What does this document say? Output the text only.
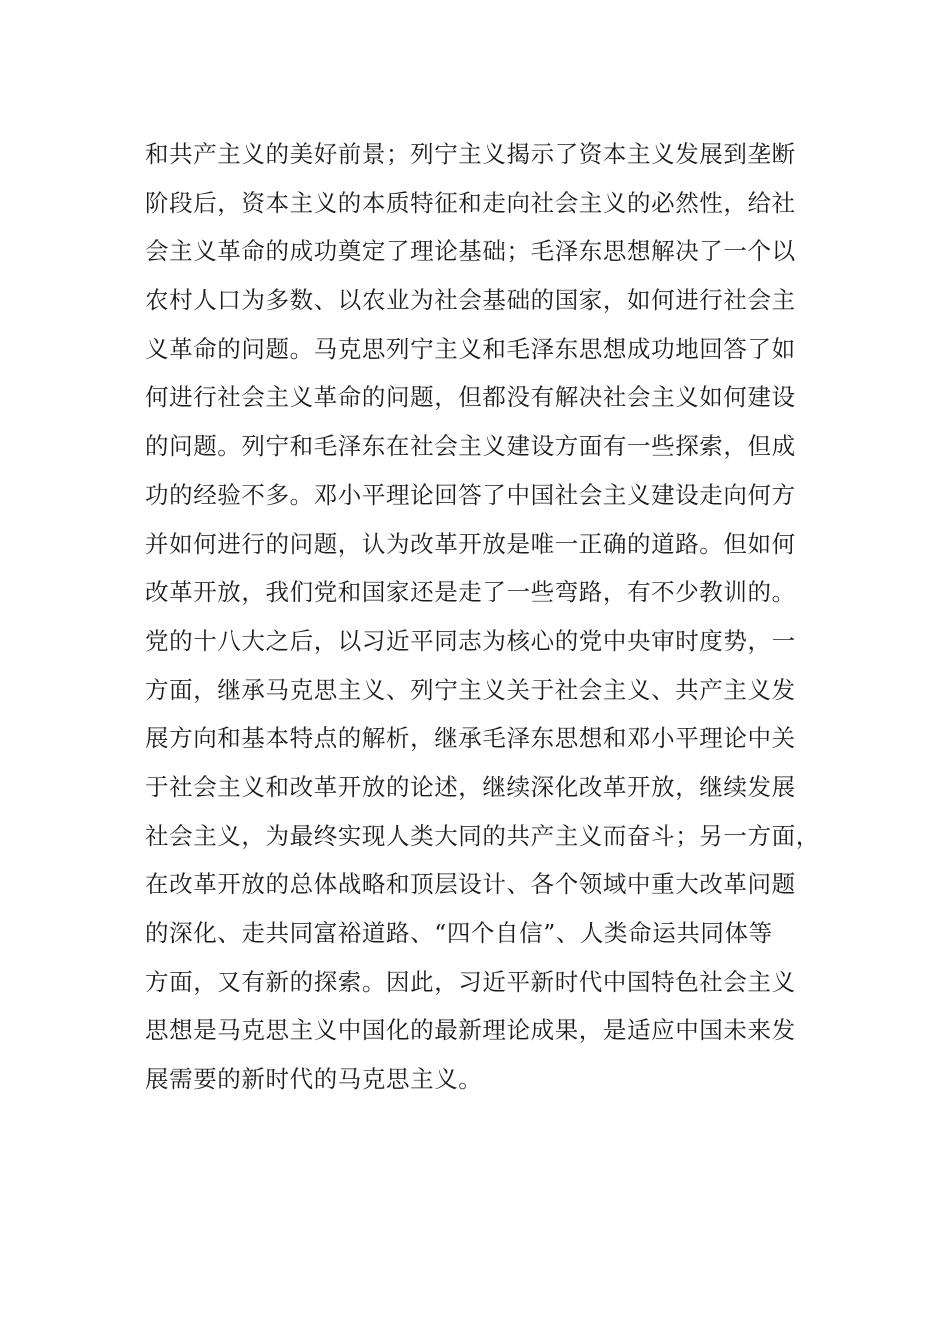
和共产主义的美好前景；列宁主义揭示了资本主义发展到垄断
阶段后，资本主义的本质特征和走向社会主义的必然性，给社
会主义革命的成功奠定了理论基础；毛泽东思想解决了一个以
农村人口为多数、以农业为社会基础的国家，如何进行社会主
义革命的问题。马克思列宁主义和毛泽东思想成功地回答了如
何进行社会主义革命的问题，但都没有解决社会主义如何建设
的问题。列宁和毛泽东在社会主义建设方面有一些探索，但成
功的经验不多。邓小平理论回答了中国社会主义建设走向何方
并如何进行的问题，认为改革开放是唯一正确的道路。但如何
改革开放，我们党和国家还是走了一些弯路，有不少教训的。
党的十八大之后，以习近平同志为核心的党中央审时度势，一
方面，继承马克思主义、列宁主义关于社会主义、共产主义发
展方向和基本特点的解析，继承毛泽东思想和邓小平理论中关
于社会主义和改革开放的论述，继续深化改革开放，继续发展
社会主义，为最终实现人类大同的共产主义而奋斗；另一方面，
在改革开放的总体战略和顶层设计、各个领域中重大改革问题
的深化、走共同富裕道路、“四个自信”、人类命运共同体等
方面，又有新的探索。因此，习近平新时代中国特色社会主义
思想是马克思主义中国化的最新理论成果，是适应中国未来发
展需要的新时代的马克思主义。
